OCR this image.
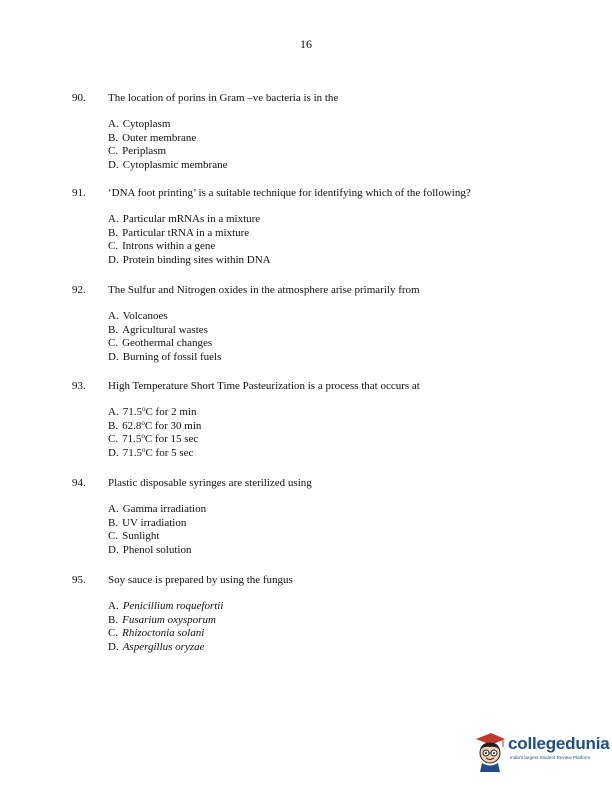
16
90.	The location of porins in Gram –ve bacteria is in the
A. Cytoplasm
B. Outer membrane
C. Periplasm
D. Cytoplasmic membrane
91.	‘DNA foot printing’ is a suitable technique for identifying which of the following?
A. Particular mRNAs in a mixture
B. Particular tRNA in a mixture
C. Introns within a gene
D. Protein binding sites within DNA
92.	The Sulfur and Nitrogen oxides in the atmosphere arise primarily from
A. Volcanoes
B. Agricultural wastes
C. Geothermal changes
D. Burning of fossil fuels
93.	High Temperature Short Time Pasteurization is a process that occurs at
A. 71.5$^o$C for 2 min
B. 62.8$^o$C for 30 min
C. 71.5$^o$C for 15 sec
D. 71.5$^o$C for 5 sec
94.	Plastic disposable syringes are sterilized using
A. Gamma irradiation
B. UV irradiation
C. Sunlight
D. Phenol solution
95.	Soy sauce is prepared by using the fungus
A. Penicillium roquefortii
B. Fusarium oxysporum
C. Rhizoctonia solani
D. Aspergillus oryzae
collegedunia
India's largest Student Review Platform
